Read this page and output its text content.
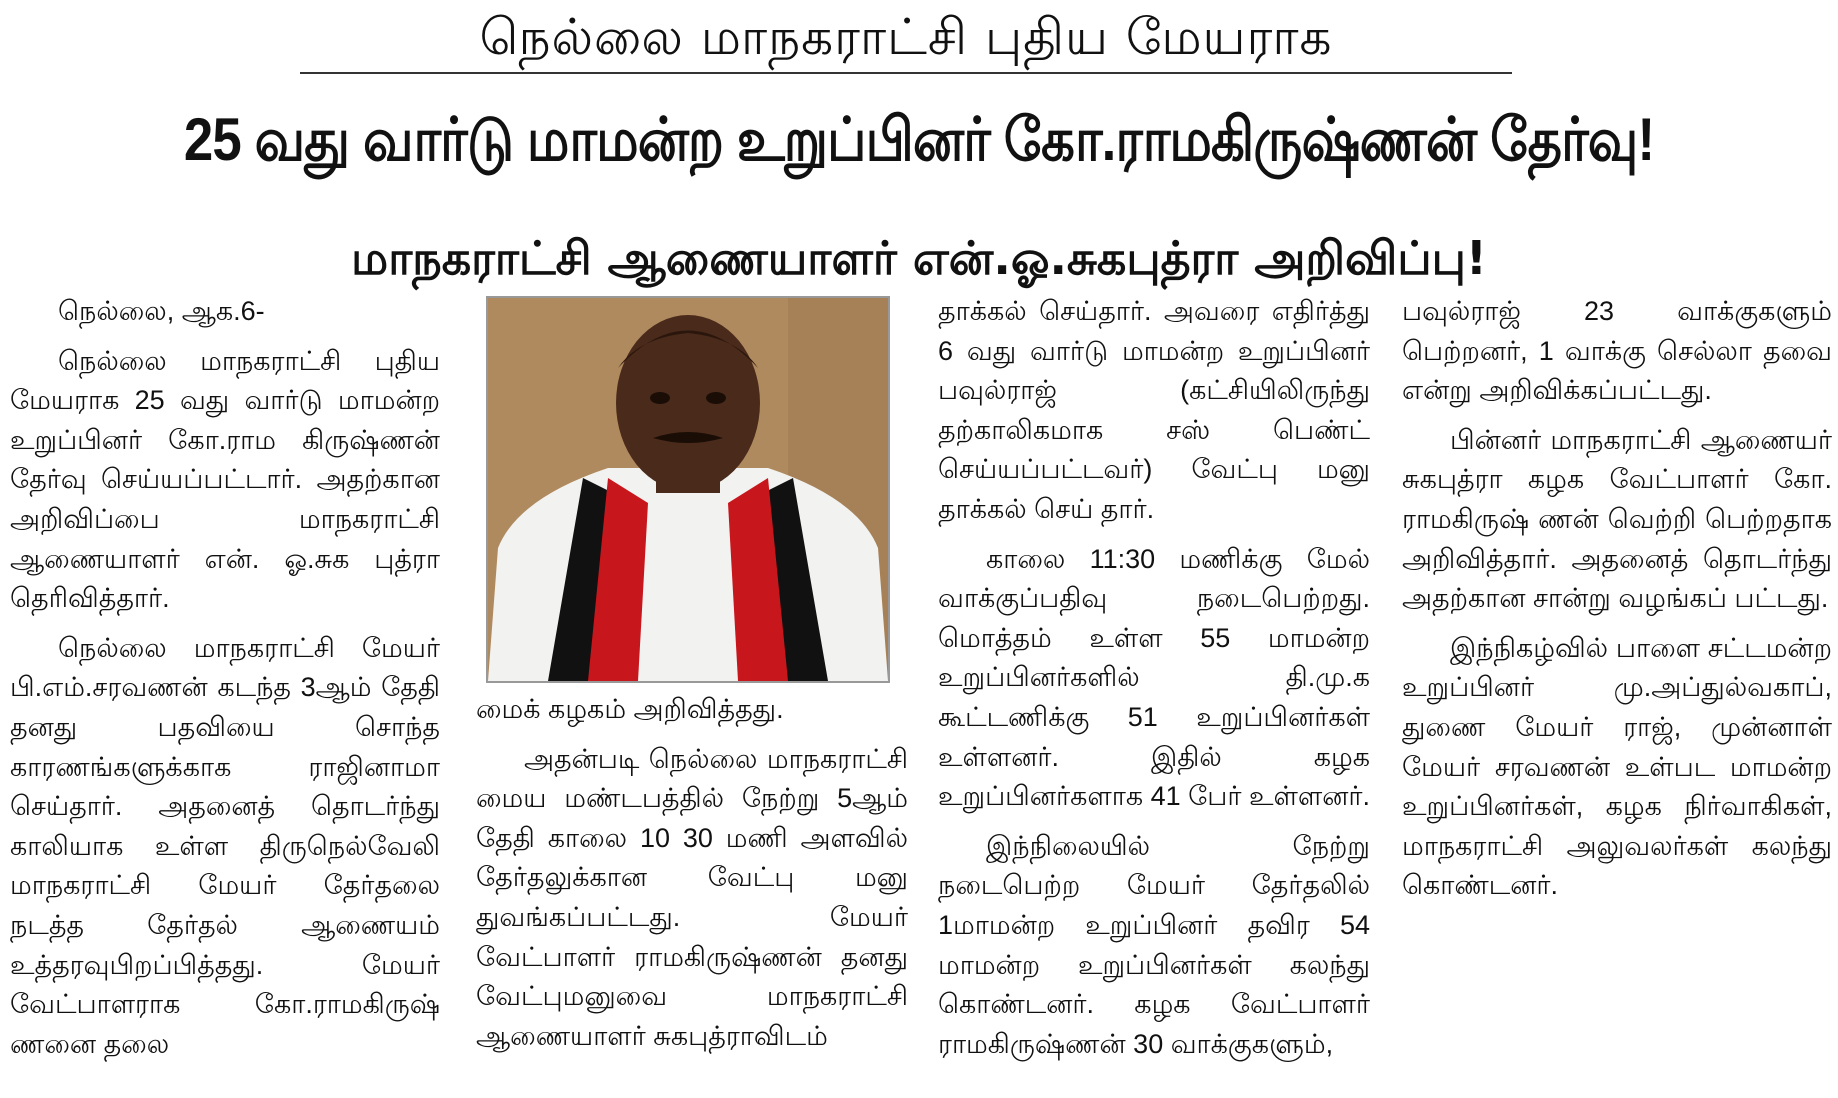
நெல்லை மாநகராட்சி புதிய மேயராக
25 வது வார்டு மாமன்ற உறுப்பினர் கோ.ராமகிருஷ்ணன் தேர்வு!
மாநகராட்சி ஆணையாளர் என்.ஓ.சுகபுத்ரா அறிவிப்பு!

நெல்லை, ஆக.6-

நெல்லை மாநகராட்சி புதிய மேயராக 25 வது வார்டு மாமன்ற உறுப்பினர் கோ.ராம கிருஷ்ணன் தேர்வு செய்யப்பட்டார். அதற்கான அறிவிப்பை மாநகராட்சி ஆணையாளர் என். ஓ.சுக புத்ரா தெரிவித்தார்.

நெல்லை மாநகராட்சி மேயர் பி.எம்.சரவணன் கடந்த 3ஆம் தேதி தனது பதவியை சொந்த காரணங்களுக்காக ராஜினாமா செய்தார். அதனைத் தொடர்ந்து காலியாக உள்ள திருநெல்வேலி மாநகராட்சி மேயர் தேர்தலை நடத்த தேர்தல் ஆணையம் உத்தரவுபிறப்பித்தது. மேயர் வேட்பாளராக கோ.ராமகிருஷ் ணனை தலை

மைக் கழகம் அறிவித்தது.

அதன்படி நெல்லை மாநகராட்சி மைய மண்டபத்தில் நேற்று 5ஆம் தேதி காலை 10 30 மணி அளவில் தேர்தலுக்கான வேட்பு மனு துவங்கப்பட்டது. மேயர் வேட்பாளர் ராமகிருஷ்ணன் தனது வேட்புமனுவை மாநகராட்சி ஆணையாளர் சுகபுத்ராவிடம்

தாக்கல் செய்தார். அவரை எதிர்த்து 6 வது வார்டு மாமன்ற உறுப்பினர் பவுல்ராஜ் (கட்சியிலிருந்து தற்காலிகமாக சஸ் பெண்ட் செய்யப்பட்டவர்) வேட்பு மனு தாக்கல் செய் தார்.

காலை 11:30 மணிக்கு மேல் வாக்குப்பதிவு நடைபெற்றது. மொத்தம் உள்ள 55 மாமன்ற உறுப்பினர்களில் தி.மு.க கூட்டணிக்கு 51 உறுப்பினர்கள் உள்ளனர். இதில் கழக உறுப்பினர்களாக 41 பேர் உள்ளனர்.

இந்நிலையில் நேற்று நடைபெற்ற மேயர் தேர்தலில் 1மாமன்ற உறுப்பினர் தவிர 54 மாமன்ற உறுப்பினர்கள் கலந்து கொண்டனர். கழக வேட்பாளர் ராமகிருஷ்ணன் 30 வாக்குகளும்,

பவுல்ராஜ் 23 வாக்குகளும் பெற்றனர், 1 வாக்கு செல்லா தவை என்று அறிவிக்கப்பட்டது.

பின்னர் மாநகராட்சி ஆணையர் சுகபுத்ரா கழக வேட்பாளர் கோ. ராமகிருஷ் ணன் வெற்றி பெற்றதாக அறிவித்தார். அதனைத் தொடர்ந்து அதற்கான சான்று வழங்கப் பட்டது.

இந்நிகழ்வில் பாளை சட்டமன்ற உறுப்பினர் மு.அப்துல்வகாப், துணை மேயர் ராஜ், முன்னாள் மேயர் சரவணன் உள்பட மாமன்ற உறுப்பினர்கள், கழக நிர்வாகிகள், மாநகராட்சி அலுவலர்கள் கலந்து கொண்டனர்.
